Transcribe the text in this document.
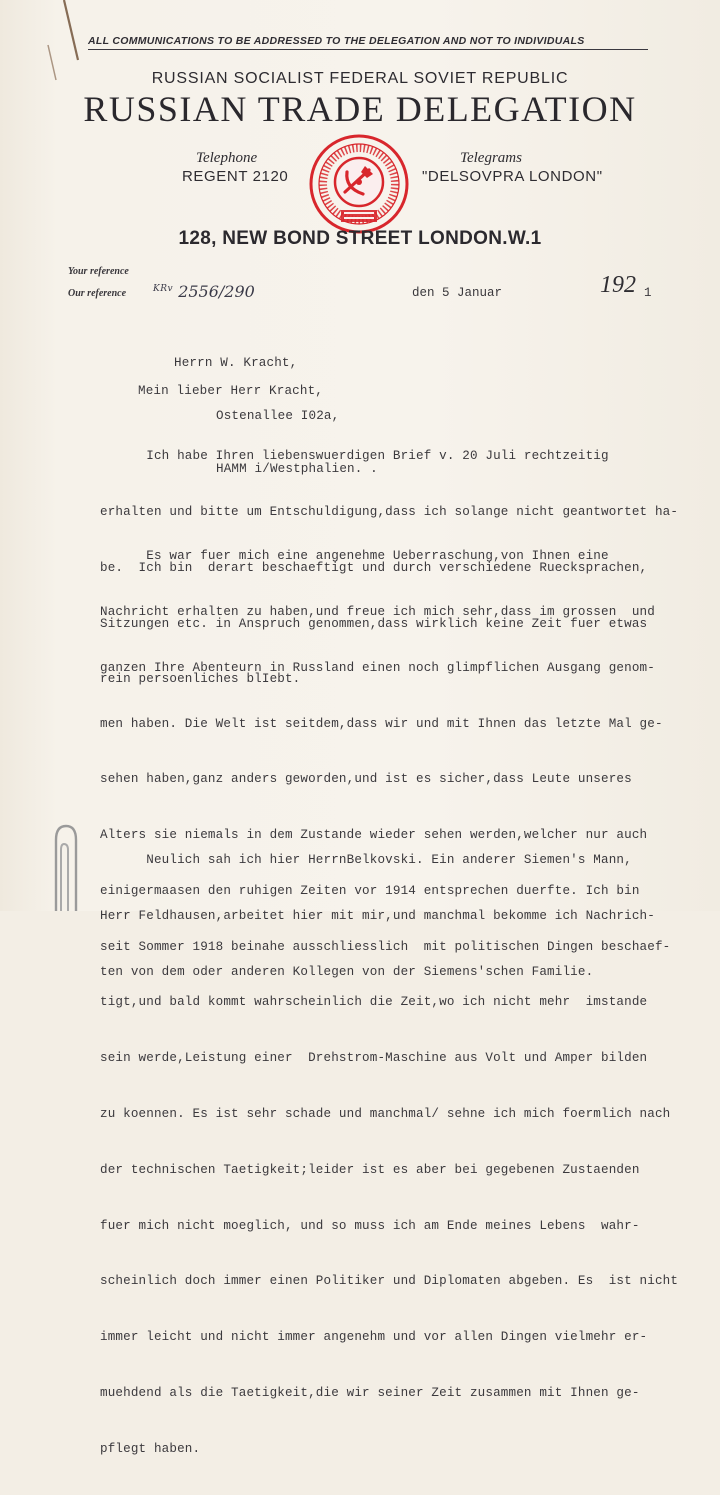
ALL COMMUNICATIONS TO BE ADDRESSED TO THE DELEGATION AND NOT TO INDIVIDUALS
RUSSIAN SOCIALIST FEDERAL SOVIET REPUBLIC
RUSSIAN TRADE DELEGATION
Telephone
REGENT 2120
Telegrams
"DELSOVPRA LONDON"
128, NEW BOND STREET LONDON.W.1
Your reference
Our reference	$^{KRv}$ 2556/290	den 5 Januar	192 1

Herrn W. Kracht,

Ostenallee I02a,

HAMM i/Westphalien. .

Mein lieber Herr Kracht,

Ich habe Ihren liebenswuerdigen Brief v. 20 Juli rechtzeitig

erhalten und bitte um Entschuldigung,dass ich solange nicht geantwortet ha-

be.  Ich bin  derart beschaeftigt und durch verschiedene Ruecksprachen,

Sitzungen etc. in Anspruch genommen,dass wirklich keine Zeit fuer etwas

rein persoenliches blIebt.

Es war fuer mich eine angenehme Ueberraschung,von Ihnen eine

Nachricht erhalten zu haben,und freue ich mich sehr,dass im grossen  und

ganzen Ihre Abenteurn in Russland einen noch glimpflichen Ausgang genom-

men haben. Die Welt ist seitdem,dass wir und mit Ihnen das letzte Mal ge-

sehen haben,ganz anders geworden,und ist es sicher,dass Leute unseres

Alters sie niemals in dem Zustande wieder sehen werden,welcher nur auch

einigermaasen den ruhigen Zeiten vor 1914 entsprechen duerfte. Ich bin

seit Sommer 1918 beinahe ausschliesslich  mit politischen Dingen beschaef-

tigt,und bald kommt wahrscheinlich die Zeit,wo ich nicht mehr  imstande

sein werde,Leistung einer  Drehstrom-Maschine aus Volt und Amper bilden

zu koennen. Es ist sehr schade und manchmal/ sehne ich mich foermlich nach

der technischen Taetigkeit;leider ist es aber bei gegebenen Zustaenden

fuer mich nicht moeglich, und so muss ich am Ende meines Lebens  wahr-

scheinlich doch immer einen Politiker und Diplomaten abgeben. Es  ist nicht

immer leicht und nicht immer angenehm und vor allen Dingen vielmehr er-

muehdend als die Taetigkeit,die wir seiner Zeit zusammen mit Ihnen ge-

pflegt haben.

Neulich sah ich hier HerrnBelkovski. Ein anderer Siemen's Mann,

Herr Feldhausen,arbeitet hier mit mir,und manchmal bekomme ich Nachrich-

ten von dem oder anderen Kollegen von der Siemens'schen Familie.
